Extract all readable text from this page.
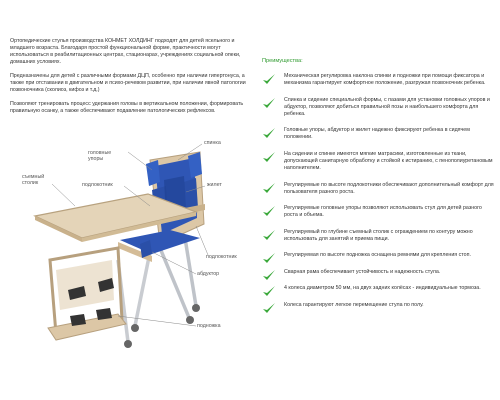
Ортопедические стулья производства КОНМЕТ ХОЛДИНГ подходят для детей ясельного и младшего возраста. Благодаря простой функциональной форме, практичности могут использоваться в реабилитационных центрах, стационарах, учреждениях социальной опеки, домашних условиях.

Предназначены для детей с различными формами ДЦП, особенно при наличии гипертонуса, а также при отставании в двигательном и психо-речевом развитии, при наличии явной патологии позвоночника (сколиоз, кифоз и т.д.)

Позволяют тренировать процесс удержания головы в вертикальном положении, формировать правильную осанку, а также обеспечивают подавление патологических рефлексов.

головные
упоры
спинка
подлокотник
съемный
столик	жилет
подлокотник
абдуктор
подножка
Преимущества:
Механическая регулировка наклона спинки и подножки при помощи фиксатора и механизма гарантирует комфортное положение, разгружая позвоночник ребенка.
Спинка и сидение специальной формы, с пазами для установки головных упоров и абдуктор, позволяют добиться правильной позы и наибольшего комфорта для ребенка.
Головные упоры, абдуктор и жилет надежно фиксируют ребенка в сидячем положении.
На сидении и спинке имеются мягкие матрасики, изготовленные из ткани, допускающей санитарную обработку и стойкой к истиранию, с пенополиуретановым наполнителем.
Регулируемые по высоте подлокотники обеспечивают дополнительный комфорт для пользователя разного роста.
Регулируемые головные упоры позволяют использовать стул для детей разного роста и объема.
Регулируемый по глубине съемный столик с ограждением по контуру можно использовать для занятий и приема пищи.
Регулируемая по высоте подножка оснащена ремнями для крепления стоп.
Сварная рама обеспечивает устойчивость и надежность стула.
4 колеса диаметром 50 мм, на двух задних колёсах - индивидуальные тормоза.
Колеса гарантируют легкое перемещение стула по полу.
